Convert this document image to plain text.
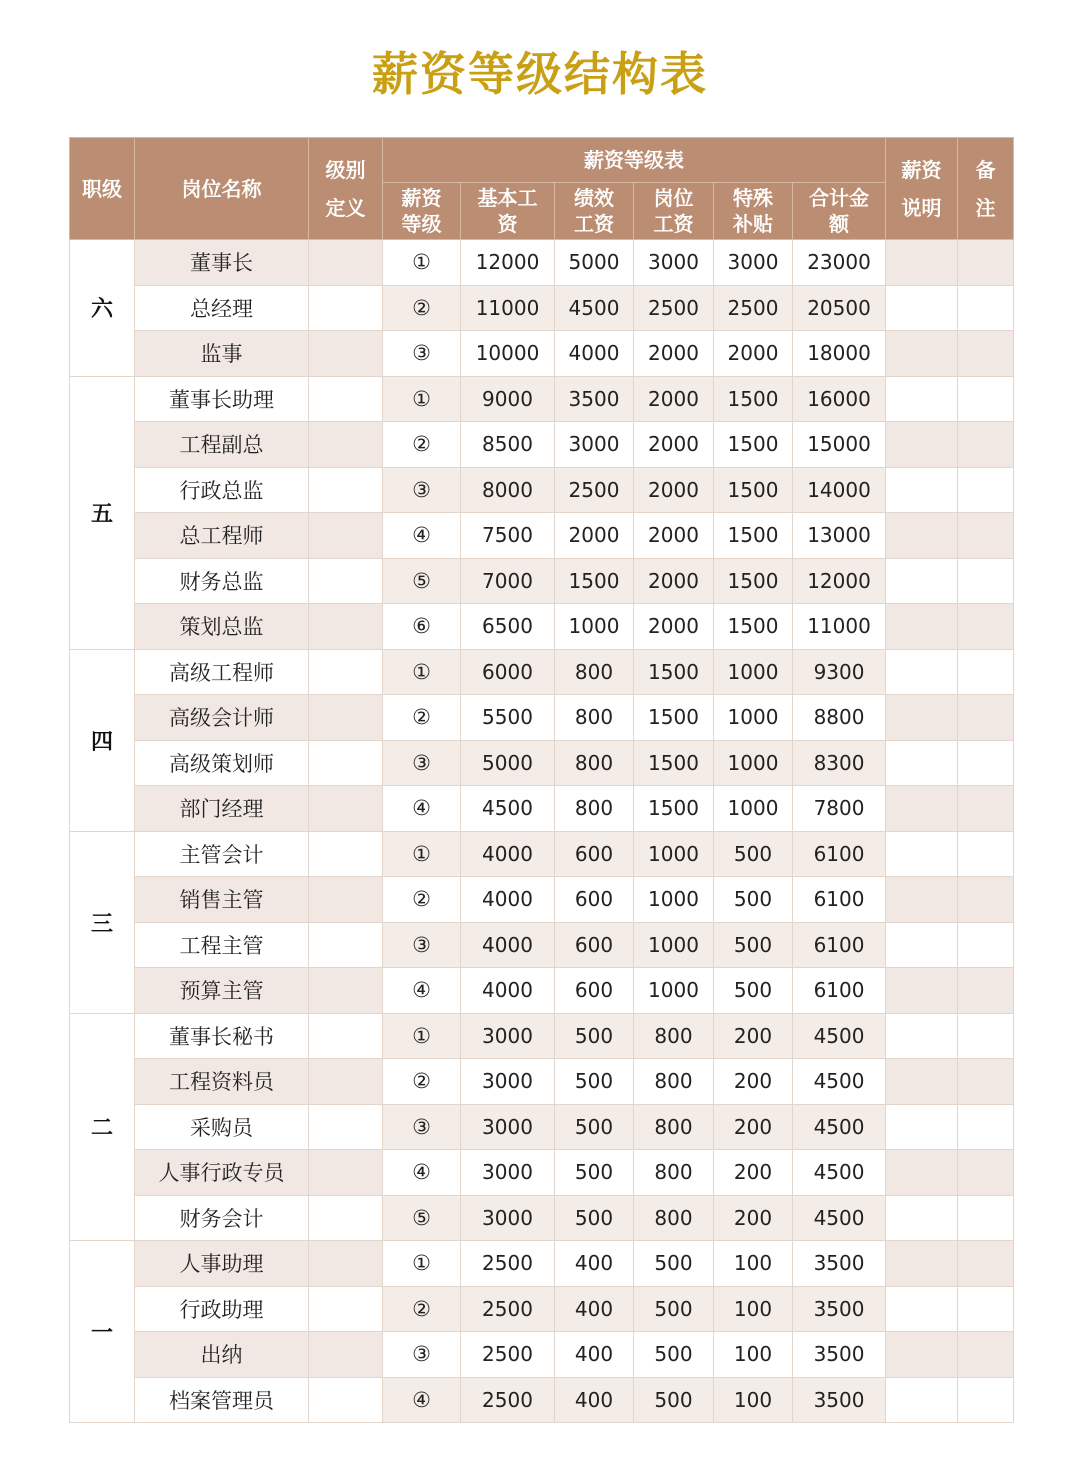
薪资等级结构表
职级	岗位名称	级别定义	薪资等级表						薪资说明	备注
			薪资等级	基本工资	绩效工资	岗位工资	特殊补贴	合计金额		
六	董事长		①	12000	5000	3000	3000	23000		
	总经理		②	11000	4500	2500	2500	20500		
	监事		③	10000	4000	2000	2000	18000		
五	董事长助理		①	9000	3500	2000	1500	16000		
	工程副总		②	8500	3000	2000	1500	15000		
	行政总监		③	8000	2500	2000	1500	14000		
	总工程师		④	7500	2000	2000	1500	13000		
	财务总监		⑤	7000	1500	2000	1500	12000		
	策划总监		⑥	6500	1000	2000	1500	11000		
四	高级工程师		①	6000	800	1500	1000	9300		
	高级会计师		②	5500	800	1500	1000	8800		
	高级策划师		③	5000	800	1500	1000	8300		
	部门经理		④	4500	800	1500	1000	7800		
三	主管会计		①	4000	600	1000	500	6100		
	销售主管		②	4000	600	1000	500	6100		
	工程主管		③	4000	600	1000	500	6100		
	预算主管		④	4000	600	1000	500	6100		
二	董事长秘书		①	3000	500	800	200	4500		
	工程资料员		②	3000	500	800	200	4500		
	采购员		③	3000	500	800	200	4500		
	人事行政专员		④	3000	500	800	200	4500		
	财务会计		⑤	3000	500	800	200	4500		
一	人事助理		①	2500	400	500	100	3500		
	行政助理		②	2500	400	500	100	3500		
	出纳		③	2500	400	500	100	3500		
	档案管理员		④	2500	400	500	100	3500		
